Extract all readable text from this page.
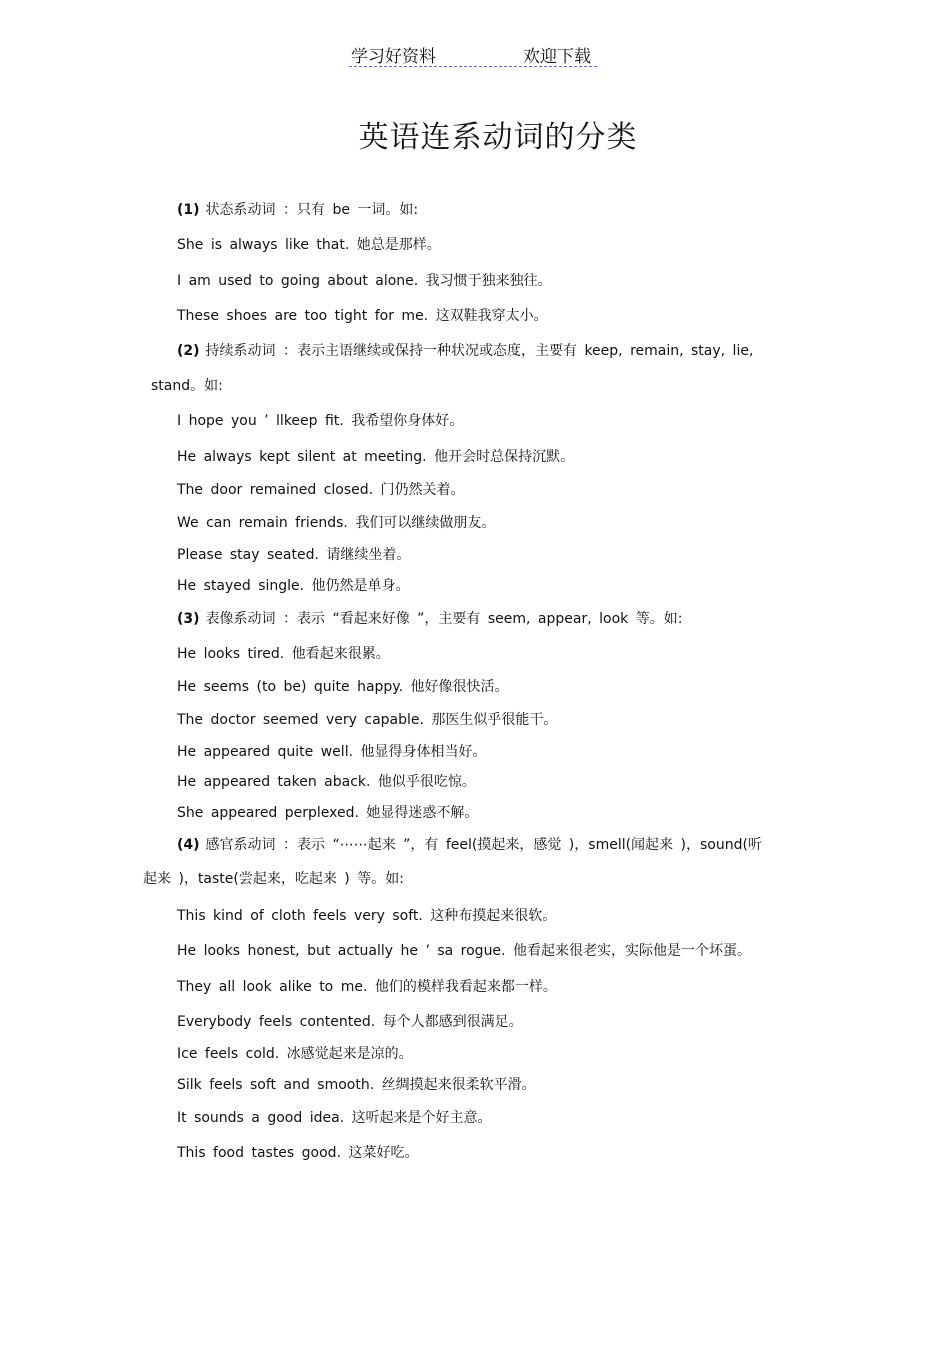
学习好资料	欢迎下载
英语连系动词的分类
(1) 状态系动词 ：只有 be 一词。如:
She is always like that. 她总是那样。
I am used to going about alone. 我习惯于独来独往。
These shoes are too tight for me. 这双鞋我穿太小。
(2) 持续系动词 ：表示主语继续或保持一种状况或态度，主要有 keep, remain, stay, lie,
stand。如:
I hope you ’ llkeep fit. 我希望你身体好。
He always kept silent at meeting. 他开会时总保持沉默。
The door remained closed. 门仍然关着。
We can remain friends. 我们可以继续做朋友。
Please stay seated. 请继续坐着。
He stayed single. 他仍然是单身。
(3) 表像系动词 ：表示 “看起来好像 ”，主要有 seem, appear, look 等。如:
He looks tired. 他看起来很累。
He seems (to be) quite happy. 他好像很快活。
The doctor seemed very capable. 那医生似乎很能干。
He appeared quite well. 他显得身体相当好。
He appeared taken aback. 他似乎很吃惊。
She appeared perplexed. 她显得迷惑不解。
(4) 感官系动词 ：表示 “⋯⋯起来 ”，有 feel(摸起来，感觉 )，smell(闻起来 )，sound(听
起来 )，taste(尝起来，吃起来 ) 等。如:
This kind of cloth feels very soft. 这种布摸起来很软。
He looks honest, but actually he ’ sa rogue. 他看起来很老实，实际他是一个坏蛋。
They all look alike to me. 他们的模样我看起来都一样。
Everybody feels contented. 每个人都感到很满足。
Ice feels cold. 冰感觉起来是凉的。
Silk feels soft and smooth. 丝绸摸起来很柔软平滑。
It sounds a good idea. 这听起来是个好主意。
This food tastes good. 这菜好吃。
